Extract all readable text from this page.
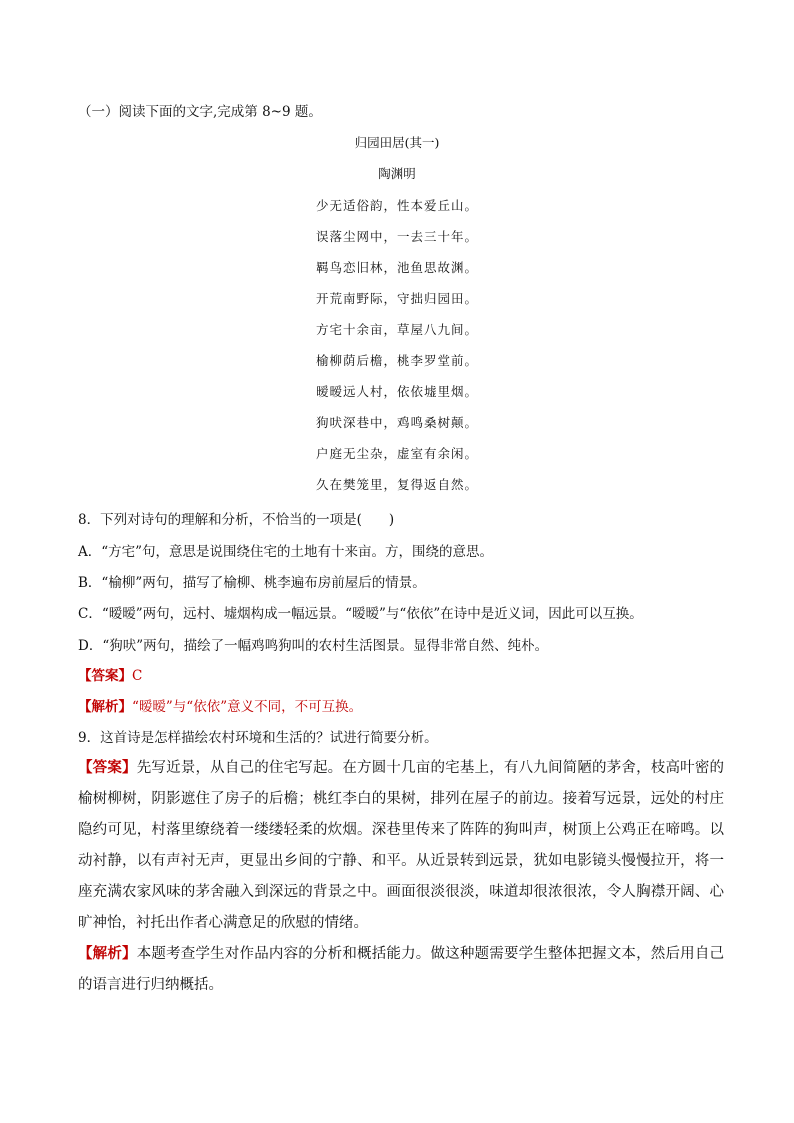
（一）阅读下面的文字,完成第 8~9 题。
归园田居(其一)
陶渊明
少无适俗韵，性本爱丘山。
误落尘网中，一去三十年。
羁鸟恋旧林，池鱼思故渊。
开荒南野际，守拙归园田。
方宅十余亩，草屋八九间。
榆柳荫后檐，桃李罗堂前。
暧暧远人村，依依墟里烟。
狗吠深巷中，鸡鸣桑树颠。
户庭无尘杂，虚室有余闲。
久在樊笼里，复得返自然。
8．下列对诗句的理解和分析，不恰当的一项是(　　)
A．“方宅”句，意思是说围绕住宅的土地有十来亩。方，围绕的意思。
B．“榆柳”两句，描写了榆柳、桃李遍布房前屋后的情景。
C．“暧暧”两句，远村、墟烟构成一幅远景。“暧暧”与“依依”在诗中是近义词，因此可以互换。
D．“狗吠”两句，描绘了一幅鸡鸣狗叫的农村生活图景。显得非常自然、纯朴。
【答案】C
【解析】“暧暧”与“依依”意义不同，不可互换。
9．这首诗是怎样描绘农村环境和生活的？试进行简要分析。
【答案】先写近景，从自己的住宅写起。在方圆十几亩的宅基上，有八九间简陋的茅舍，枝高叶密的榆树柳树，阴影遮住了房子的后檐；桃红李白的果树，排列在屋子的前边。接着写远景，远处的村庄隐约可见，村落里缭绕着一缕缕轻柔的炊烟。深巷里传来了阵阵的狗叫声，树顶上公鸡正在啼鸣。以动衬静，以有声衬无声，更显出乡间的宁静、和平。从近景转到远景，犹如电影镜头慢慢拉开，将一座充满农家风味的茅舍融入到深远的背景之中。画面很淡很淡，味道却很浓很浓，令人胸襟开阔、心旷神怡，衬托出作者心满意足的欣慰的情绪。
【解析】本题考查学生对作品内容的分析和概括能力。做这种题需要学生整体把握文本，然后用自己的语言进行归纳概括。
